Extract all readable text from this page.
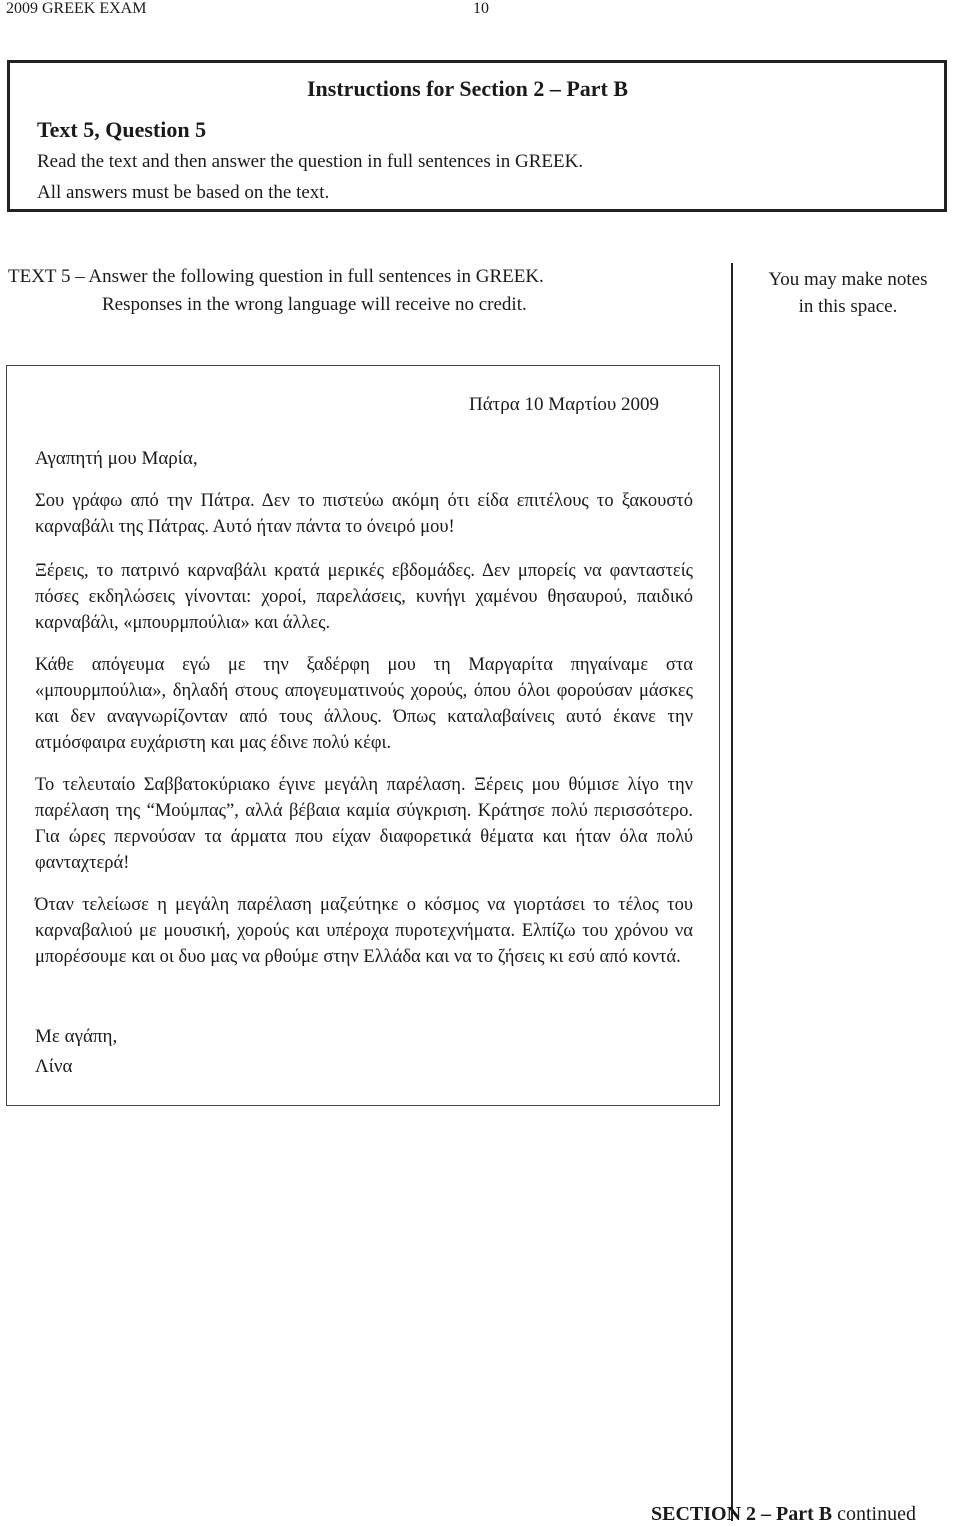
2009 GREEK EXAM	10
Instructions for Section 2 – Part B
Text 5, Question 5
Read the text and then answer the question in full sentences in GREEK.
All answers must be based on the text.
TEXT 5 – Answer the following question in full sentences in GREEK.
Responses in the wrong language will receive no credit.
You may make notes
in this space.
Πάτρα 10 Μαρτίου 2009
Αγαπητή μου Μαρία,

Σου γράφω από την Πάτρα. Δεν το πιστεύω ακόμη ότι είδα επιτέλους το ξακουστό καρναβάλι της Πάτρας. Αυτό ήταν πάντα το όνειρό μου!

Ξέρεις, το πατρινό καρναβάλι κρατά μερικές εβδομάδες. Δεν μπορείς να φανταστείς πόσες εκδηλώσεις γίνονται: χοροί, παρελάσεις, κυνήγι χαμένου θησαυρού, παιδικό καρναβάλι, «μπουρμπούλια» και άλλες.

Κάθε απόγευμα εγώ με την ξαδέρφη μου τη Μαργαρίτα πηγαίναμε στα «μπουρμπούλια», δηλαδή στους απογευματινούς χορούς, όπου όλοι φορούσαν μάσκες και δεν αναγνωρίζονταν από τους άλλους. Όπως καταλαβαίνεις αυτό έκανε την ατμόσφαιρα ευχάριστη και μας έδινε πολύ κέφι.

Το τελευταίο Σαββατοκύριακο έγινε μεγάλη παρέλαση. Ξέρεις μου θύμισε λίγο την παρέλαση της “Μούμπας”, αλλά βέβαια καμία σύγκριση. Κράτησε πολύ περισσότερο. Για ώρες περνούσαν τα άρματα που είχαν διαφορετικά θέματα και ήταν όλα πολύ φανταχτερά!

Όταν τελείωσε η μεγάλη παρέλαση μαζεύτηκε ο κόσμος να γιορτάσει το τέλος του καρναβαλιού με μουσική, χορούς και υπέροχα πυροτεχνήματα. Ελπίζω του χρόνου να μπορέσουμε και οι δυο μας να ρθούμε στην Ελλάδα και να το ζήσεις κι εσύ από κοντά.

Με αγάπη,
Λίνα
SECTION 2 – Part B continued
